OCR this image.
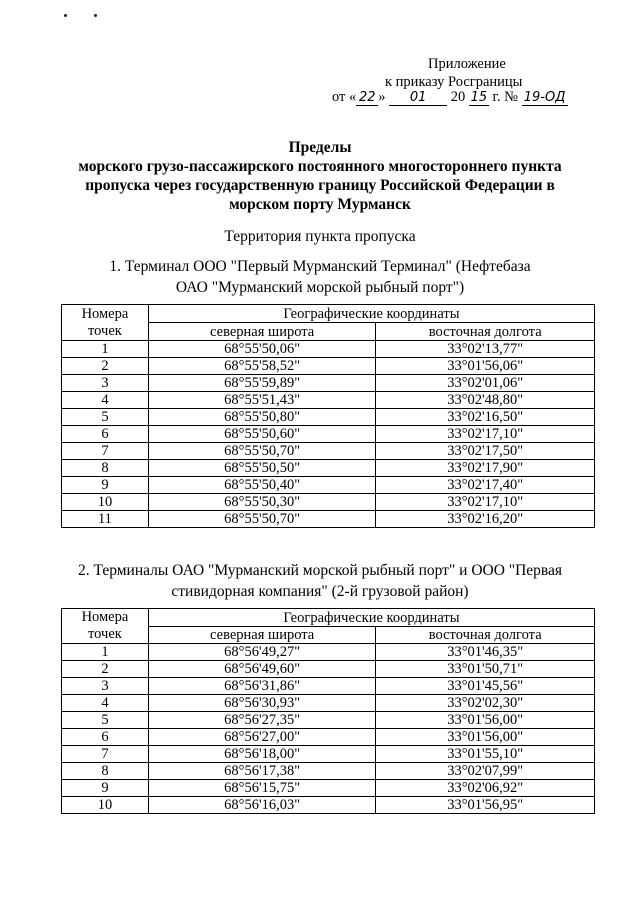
Приложение
к приказу Росграницы
от « 22 » 01 20 15 г. № 19-ОД
Пределы
морского грузо-пассажирского постоянного многостороннего пункта
пропуска через государственную границу Российской Федерации в
морском порту Мурманск
Территория пункта пропуска
1. Терминал ООО "Первый Мурманский Терминал" (Нефтебаза
ОАО "Мурманский морской рыбный порт")
Номера
точек	Географические координаты	
	северная широта	восточная долгота
1	68°55'50,06"	33°02'13,77"
2	68°55'58,52"	33°01'56,06"
3	68°55'59,89"	33°02'01,06"
4	68°55'51,43"	33°02'48,80"
5	68°55'50,80"	33°02'16,50"
6	68°55'50,60"	33°02'17,10"
7	68°55'50,70"	33°02'17,50"
8	68°55'50,50"	33°02'17,90"
9	68°55'50,40"	33°02'17,40"
10	68°55'50,30"	33°02'17,10"
11	68°55'50,70"	33°02'16,20"
2. Терминалы ОАО "Мурманский морской рыбный порт" и ООО "Первая
стивидорная компания" (2-й грузовой район)
Номера
точек	Географические координаты	
	северная широта	восточная долгота
1	68°56'49,27"	33°01'46,35"
2	68°56'49,60"	33°01'50,71"
3	68°56'31,86"	33°01'45,56"
4	68°56'30,93"	33°02'02,30"
5	68°56'27,35"	33°01'56,00"
6	68°56'27,00"	33°01'56,00"
7	68°56'18,00"	33°01'55,10"
8	68°56'17,38"	33°02'07,99"
9	68°56'15,75"	33°02'06,92"
10	68°56'16,03"	33°01'56,95"
